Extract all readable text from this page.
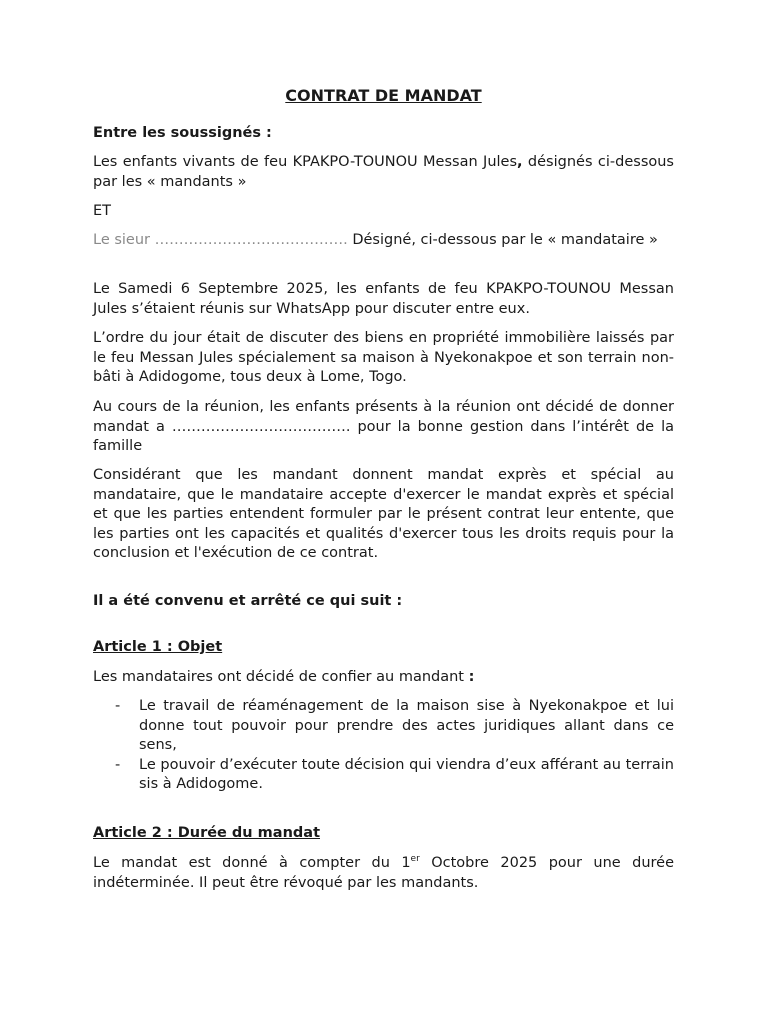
CONTRAT DE MANDAT
Entre les soussignés :
Les enfants vivants de feu KPAKPO-TOUNOU Messan Jules, désignés ci-dessous par les « mandants »
ET
Le sieur …………………………………. Désigné, ci-dessous par le « mandataire »
Le Samedi 6 Septembre 2025, les enfants de feu KPAKPO-TOUNOU Messan Jules s’étaient réunis sur WhatsApp pour discuter entre eux.
L’ordre du jour était de discuter des biens en propriété immobilière laissés par le feu Messan Jules spécialement sa maison à Nyekonakpoe et son terrain non-bâti à Adidogome, tous deux à Lome, Togo.
Au cours de la réunion, les enfants présents à la réunion ont décidé de donner mandat a ………………………………. pour la bonne gestion dans l’intérêt de la famille
Considérant que les mandant donnent mandat exprès et spécial au mandataire, que le mandataire accepte d'exercer le mandat exprès et spécial et que les parties entendent formuler par le présent contrat leur entente, que les parties ont les capacités et qualités d'exercer tous les droits requis pour la conclusion et l'exécution de ce contrat.
Il a été convenu et arrêté ce qui suit :
Article 1 : Objet
Les mandataires ont décidé de confier au mandant :
- Le travail de réaménagement de la maison sise à Nyekonakpoe et lui donne tout pouvoir pour prendre des actes juridiques allant dans ce sens,
- Le pouvoir d’exécuter toute décision qui viendra d’eux afférant au terrain sis à Adidogome.
Article 2 : Durée du mandat
Le mandat est donné à compter du 1er Octobre 2025 pour une durée indéterminée. Il peut être révoqué par les mandants.
